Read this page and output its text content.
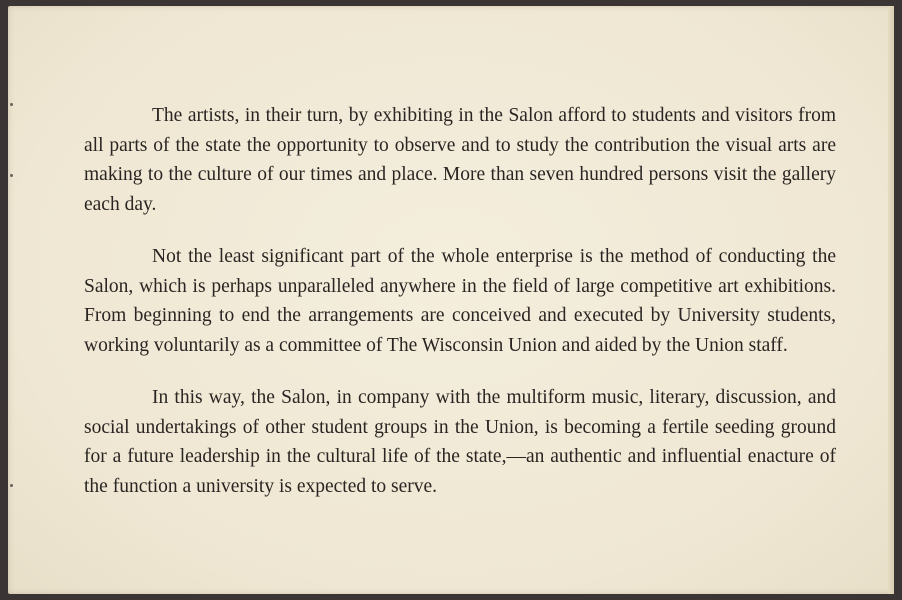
The artists, in their turn, by exhibiting in the Salon afford to students and visitors from all parts of the state the opportunity to observe and to study the contribution the visual arts are making to the culture of our times and place. More than seven hundred persons visit the gallery each day.

Not the least significant part of the whole enterprise is the method of conducting the Salon, which is perhaps unparalleled anywhere in the field of large competitive art exhibitions. From beginning to end the arrangements are conceived and executed by University students, working voluntarily as a committee of The Wisconsin Union and aided by the Union staff.

In this way, the Salon, in company with the multiform music, literary, discussion, and social undertakings of other student groups in the Union, is becoming a fertile seeding ground for a future leadership in the cultural life of the state,—an authentic and influential enacture of the function a university is expected to serve.
